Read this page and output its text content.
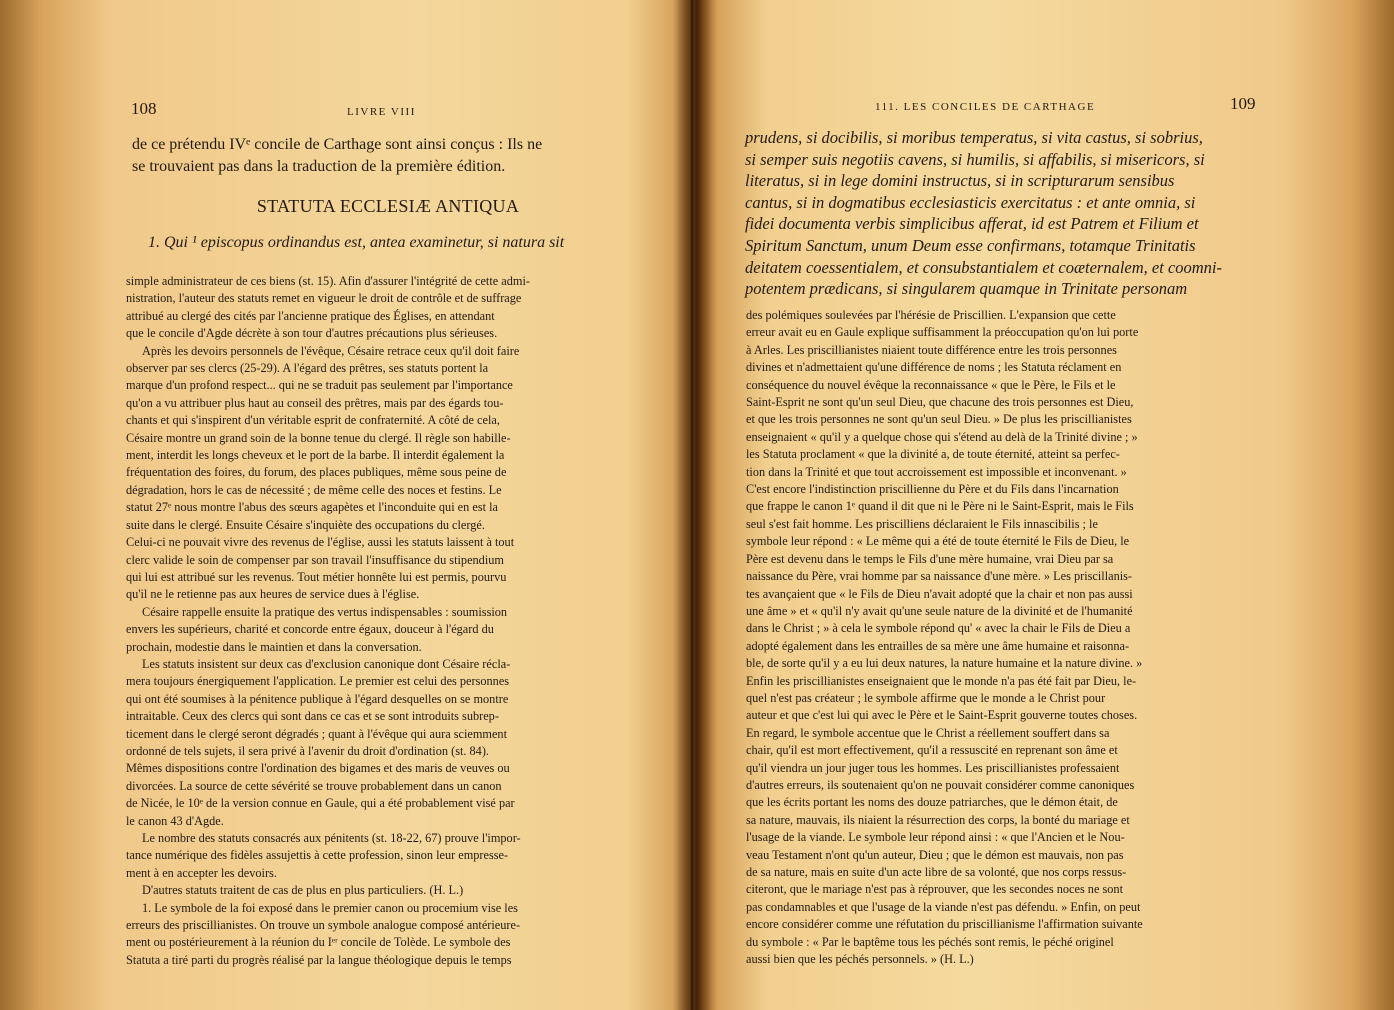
108	LIVRE VIII
de ce prétendu IVᵉ concile de Carthage sont ainsi conçus : Ils ne
se trouvaient pas dans la traduction de la première édition.
STATUTA ECCLESIÆ ANTIQUA
1. Qui ¹ episcopus ordinandus est, antea examinetur, si natura sit
simple administrateur de ces biens (st. 15). Afin d'assurer l'intégrité de cette admi-
nistration, l'auteur des statuts remet en vigueur le droit de contrôle et de suffrage
attribué au clergé des cités par l'ancienne pratique des Églises, en attendant
que le concile d'Agde décrète à son tour d'autres précautions plus sérieuses.
Après les devoirs personnels de l'évêque, Césaire retrace ceux qu'il doit faire
observer par ses clercs (25-29). A l'égard des prêtres, ses statuts portent la
marque d'un profond respect... qui ne se traduit pas seulement par l'importance
qu'on a vu attribuer plus haut au conseil des prêtres, mais par des égards tou-
chants et qui s'inspirent d'un véritable esprit de confraternité. A côté de cela,
Césaire montre un grand soin de la bonne tenue du clergé. Il règle son habille-
ment, interdit les longs cheveux et le port de la barbe. Il interdit également la
fréquentation des foires, du forum, des places publiques, même sous peine de
dégradation, hors le cas de nécessité ; de même celle des noces et festins. Le
statut 27ᵉ nous montre l'abus des sœurs agapètes et l'inconduite qui en est la
suite dans le clergé. Ensuite Césaire s'inquiète des occupations du clergé.
Celui-ci ne pouvait vivre des revenus de l'église, aussi les statuts laissent à tout
clerc valide le soin de compenser par son travail l'insuffisance du stipendium
qui lui est attribué sur les revenus. Tout métier honnête lui est permis, pourvu
qu'il ne le retienne pas aux heures de service dues à l'église.
Césaire rappelle ensuite la pratique des vertus indispensables : soumission
envers les supérieurs, charité et concorde entre égaux, douceur à l'égard du
prochain, modestie dans le maintien et dans la conversation.
Les statuts insistent sur deux cas d'exclusion canonique dont Césaire récla-
mera toujours énergiquement l'application. Le premier est celui des personnes
qui ont été soumises à la pénitence publique à l'égard desquelles on se montre
intraitable. Ceux des clercs qui sont dans ce cas et se sont introduits subrep-
ticement dans le clergé seront dégradés ; quant à l'évêque qui aura sciemment
ordonné de tels sujets, il sera privé à l'avenir du droit d'ordination (st. 84).
Mêmes dispositions contre l'ordination des bigames et des maris de veuves ou
divorcées. La source de cette sévérité se trouve probablement dans un canon
de Nicée, le 10ᵉ de la version connue en Gaule, qui a été probablement visé par
le canon 43 d'Agde.
Le nombre des statuts consacrés aux pénitents (st. 18-22, 67) prouve l'impor-
tance numérique des fidèles assujettis à cette profession, sinon leur empresse-
ment à en accepter les devoirs.
D'autres statuts traitent de cas de plus en plus particuliers. (H. L.)
1. Le symbole de la foi exposé dans le premier canon ou procemium vise les
erreurs des priscillianistes. On trouve un symbole analogue composé antérieure-
ment ou postérieurement à la réunion du Iᵉʳ concile de Tolède. Le symbole des
Statuta a tiré parti du progrès réalisé par la langue théologique depuis le temps
111. LES CONCILES DE CARTHAGE	109
prudens, si docibilis, si moribus temperatus, si vita castus, si sobrius,
si semper suis negotiis cavens, si humilis, si affabilis, si misericors, si
literatus, si in lege domini instructus, si in scripturarum sensibus
cantus, si in dogmatibus ecclesiasticis exercitatus : et ante omnia, si
fidei documenta verbis simplicibus afferat, id est Patrem et Filium et
Spiritum Sanctum, unum Deum esse confirmans, totamque Trinitatis
deitatem coessentialem, et consubstantialem et coæternalem, et coomni-
potentem prædicans, si singularem quamque in Trinitate personam
des polémiques soulevées par l'hérésie de Priscillien. L'expansion que cette
erreur avait eu en Gaule explique suffisamment la préoccupation qu'on lui porte
à Arles. Les priscillianistes niaient toute différence entre les trois personnes
divines et n'admettaient qu'une différence de noms ; les Statuta réclament en
conséquence du nouvel évêque la reconnaissance « que le Père, le Fils et le
Saint-Esprit ne sont qu'un seul Dieu, que chacune des trois personnes est Dieu,
et que les trois personnes ne sont qu'un seul Dieu. » De plus les priscillianistes
enseignaient « qu'il y a quelque chose qui s'étend au delà de la Trinité divine ; »
les Statuta proclament « que la divinité a, de toute éternité, atteint sa perfec-
tion dans la Trinité et que tout accroissement est impossible et inconvenant. »
C'est encore l'indistinction priscillienne du Père et du Fils dans l'incarnation
que frappe le canon 1ᵉ quand il dit que ni le Père ni le Saint-Esprit, mais le Fils
seul s'est fait homme. Les priscilliens déclaraient le Fils innascibilis ; le
symbole leur répond : « Le même qui a été de toute éternité le Fils de Dieu, le
Père est devenu dans le temps le Fils d'une mère humaine, vrai Dieu par sa
naissance du Père, vrai homme par sa naissance d'une mère. » Les priscillanis-
tes avançaient que « le Fils de Dieu n'avait adopté que la chair et non pas aussi
une âme » et « qu'il n'y avait qu'une seule nature de la divinité et de l'humanité
dans le Christ ; » à cela le symbole répond qu' « avec la chair le Fils de Dieu a
adopté également dans les entrailles de sa mère une âme humaine et raisonna-
ble, de sorte qu'il y a eu lui deux natures, la nature humaine et la nature divine. »
Enfin les priscillianistes enseignaient que le monde n'a pas été fait par Dieu, le-
quel n'est pas créateur ; le symbole affirme que le monde a le Christ pour
auteur et que c'est lui qui avec le Père et le Saint-Esprit gouverne toutes choses.
En regard, le symbole accentue que le Christ a réellement souffert dans sa
chair, qu'il est mort effectivement, qu'il a ressuscité en reprenant son âme et
qu'il viendra un jour juger tous les hommes. Les priscillianistes professaient
d'autres erreurs, ils soutenaient qu'on ne pouvait considérer comme canoniques
que les écrits portant les noms des douze patriarches, que le démon était, de
sa nature, mauvais, ils niaient la résurrection des corps, la bonté du mariage et
l'usage de la viande. Le symbole leur répond ainsi : « que l'Ancien et le Nou-
veau Testament n'ont qu'un auteur, Dieu ; que le démon est mauvais, non pas
de sa nature, mais en suite d'un acte libre de sa volonté, que nos corps ressus-
citeront, que le mariage n'est pas à réprouver, que les secondes noces ne sont
pas condamnables et que l'usage de la viande n'est pas défendu. » Enfin, on peut
encore considérer comme une réfutation du priscillianisme l'affirmation suivante
du symbole : « Par le baptême tous les péchés sont remis, le péché originel
aussi bien que les péchés personnels. » (H. L.)
